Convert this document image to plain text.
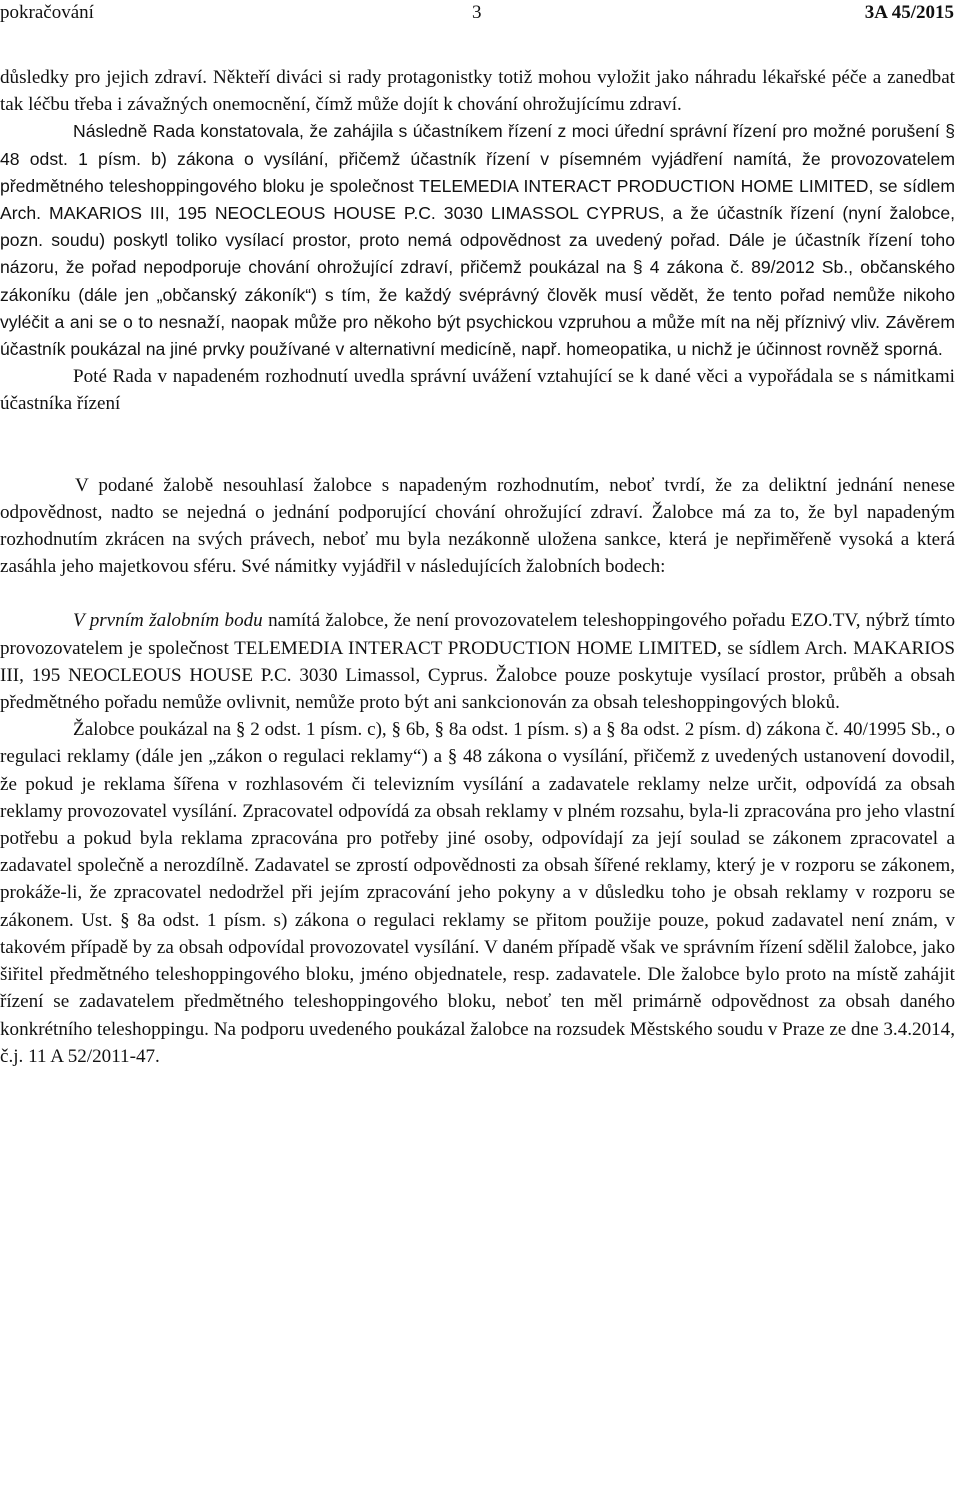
pokračování	3	3A 45/2015

důsledky pro jejich zdraví. Někteří diváci si rady protagonistky totiž mohou vyložit jako náhradu lékařské péče a zanedbat tak léčbu třeba i závažných onemocnění, čímž může dojít k chování ohrožujícímu zdraví.

Následně Rada konstatovala, že zahájila s účastníkem řízení z moci úřední správní řízení pro možné porušení § 48 odst. 1 písm. b) zákona o vysílání, přičemž účastník řízení v písemném vyjádření namítá, že provozovatelem předmětného teleshoppingového bloku je společnost TELEMEDIA INTERACT PRODUCTION HOME LIMITED, se sídlem Arch. MAKARIOS III, 195 NEOCLEOUS HOUSE P.C. 3030 LIMASSOL CYPRUS, a že účastník řízení (nyní žalobce, pozn. soudu) poskytl toliko vysílací prostor, proto nemá odpovědnost za uvedený pořad. Dále je účastník řízení toho názoru, že pořad nepodporuje chování ohrožující zdraví, přičemž poukázal na § 4 zákona č. 89/2012 Sb., občanského zákoníku (dále jen „občanský zákoník“) s tím, že každý svéprávný člověk musí vědět, že tento pořad nemůže nikoho vyléčit a ani se o to nesnaží, naopak může pro někoho být psychickou vzpruhou a může mít na něj příznivý vliv. Závěrem účastník poukázal na jiné prvky používané v alternativní medicíně, např. homeopatika, u nichž je účinnost rovněž sporná.

Poté Rada v napadeném rozhodnutí uvedla správní uvážení vztahující se k dané věci a vypořádala se s námitkami účastníka řízení

V podané žalobě nesouhlasí žalobce s napadeným rozhodnutím, neboť tvrdí, že za deliktní jednání nenese odpovědnost, nadto se nejedná o jednání podporující chování ohrožující zdraví. Žalobce má za to, že byl napadeným rozhodnutím zkrácen na svých právech, neboť mu byla nezákonně uložena sankce, která je nepřiměřeně vysoká a která zasáhla jeho majetkovou sféru. Své námitky vyjádřil v následujících žalobních bodech:

V prvním žalobním bodu namítá žalobce, že není provozovatelem teleshoppingového pořadu EZO.TV, nýbrž tímto provozovatelem je společnost TELEMEDIA INTERACT PRODUCTION HOME LIMITED, se sídlem Arch. MAKARIOS III, 195 NEOCLEOUS HOUSE P.C. 3030 Limassol, Cyprus. Žalobce pouze poskytuje vysílací prostor, průběh a obsah předmětného pořadu nemůže ovlivnit, nemůže proto být ani sankcionován za obsah teleshoppingových bloků.

Žalobce poukázal na § 2 odst. 1 písm. c), § 6b, § 8a odst. 1 písm. s) a § 8a odst. 2 písm. d) zákona č. 40/1995 Sb., o regulaci reklamy (dále jen „zákon o regulaci reklamy“) a § 48 zákona o vysílání, přičemž z uvedených ustanovení dovodil, že pokud je reklama šířena v rozhlasovém či televizním vysílání a zadavatele reklamy nelze určit, odpovídá za obsah reklamy provozovatel vysílání. Zpracovatel odpovídá za obsah reklamy v plném rozsahu, byla-li zpracována pro jeho vlastní potřebu a pokud byla reklama zpracována pro potřeby jiné osoby, odpovídají za její soulad se zákonem zpracovatel a zadavatel společně a nerozdílně. Zadavatel se zprostí odpovědnosti za obsah šířené reklamy, který je v rozporu se zákonem, prokáže-li, že zpracovatel nedodržel při jejím zpracování jeho pokyny a v důsledku toho je obsah reklamy v rozporu se zákonem. Ust. § 8a odst. 1 písm. s) zákona o regulaci reklamy se přitom použije pouze, pokud zadavatel není znám, v takovém případě by za obsah odpovídal provozovatel vysílání. V daném případě však ve správním řízení sdělil žalobce, jako šiřitel předmětného teleshoppingového bloku, jméno objednatele, resp. zadavatele. Dle žalobce bylo proto na místě zahájit řízení se zadavatelem předmětného teleshoppingového bloku, neboť ten měl primárně odpovědnost za obsah daného konkrétního teleshoppingu. Na podporu uvedeného poukázal žalobce na rozsudek Městského soudu v Praze ze dne 3.4.2014, č.j. 11 A 52/2011-47.
